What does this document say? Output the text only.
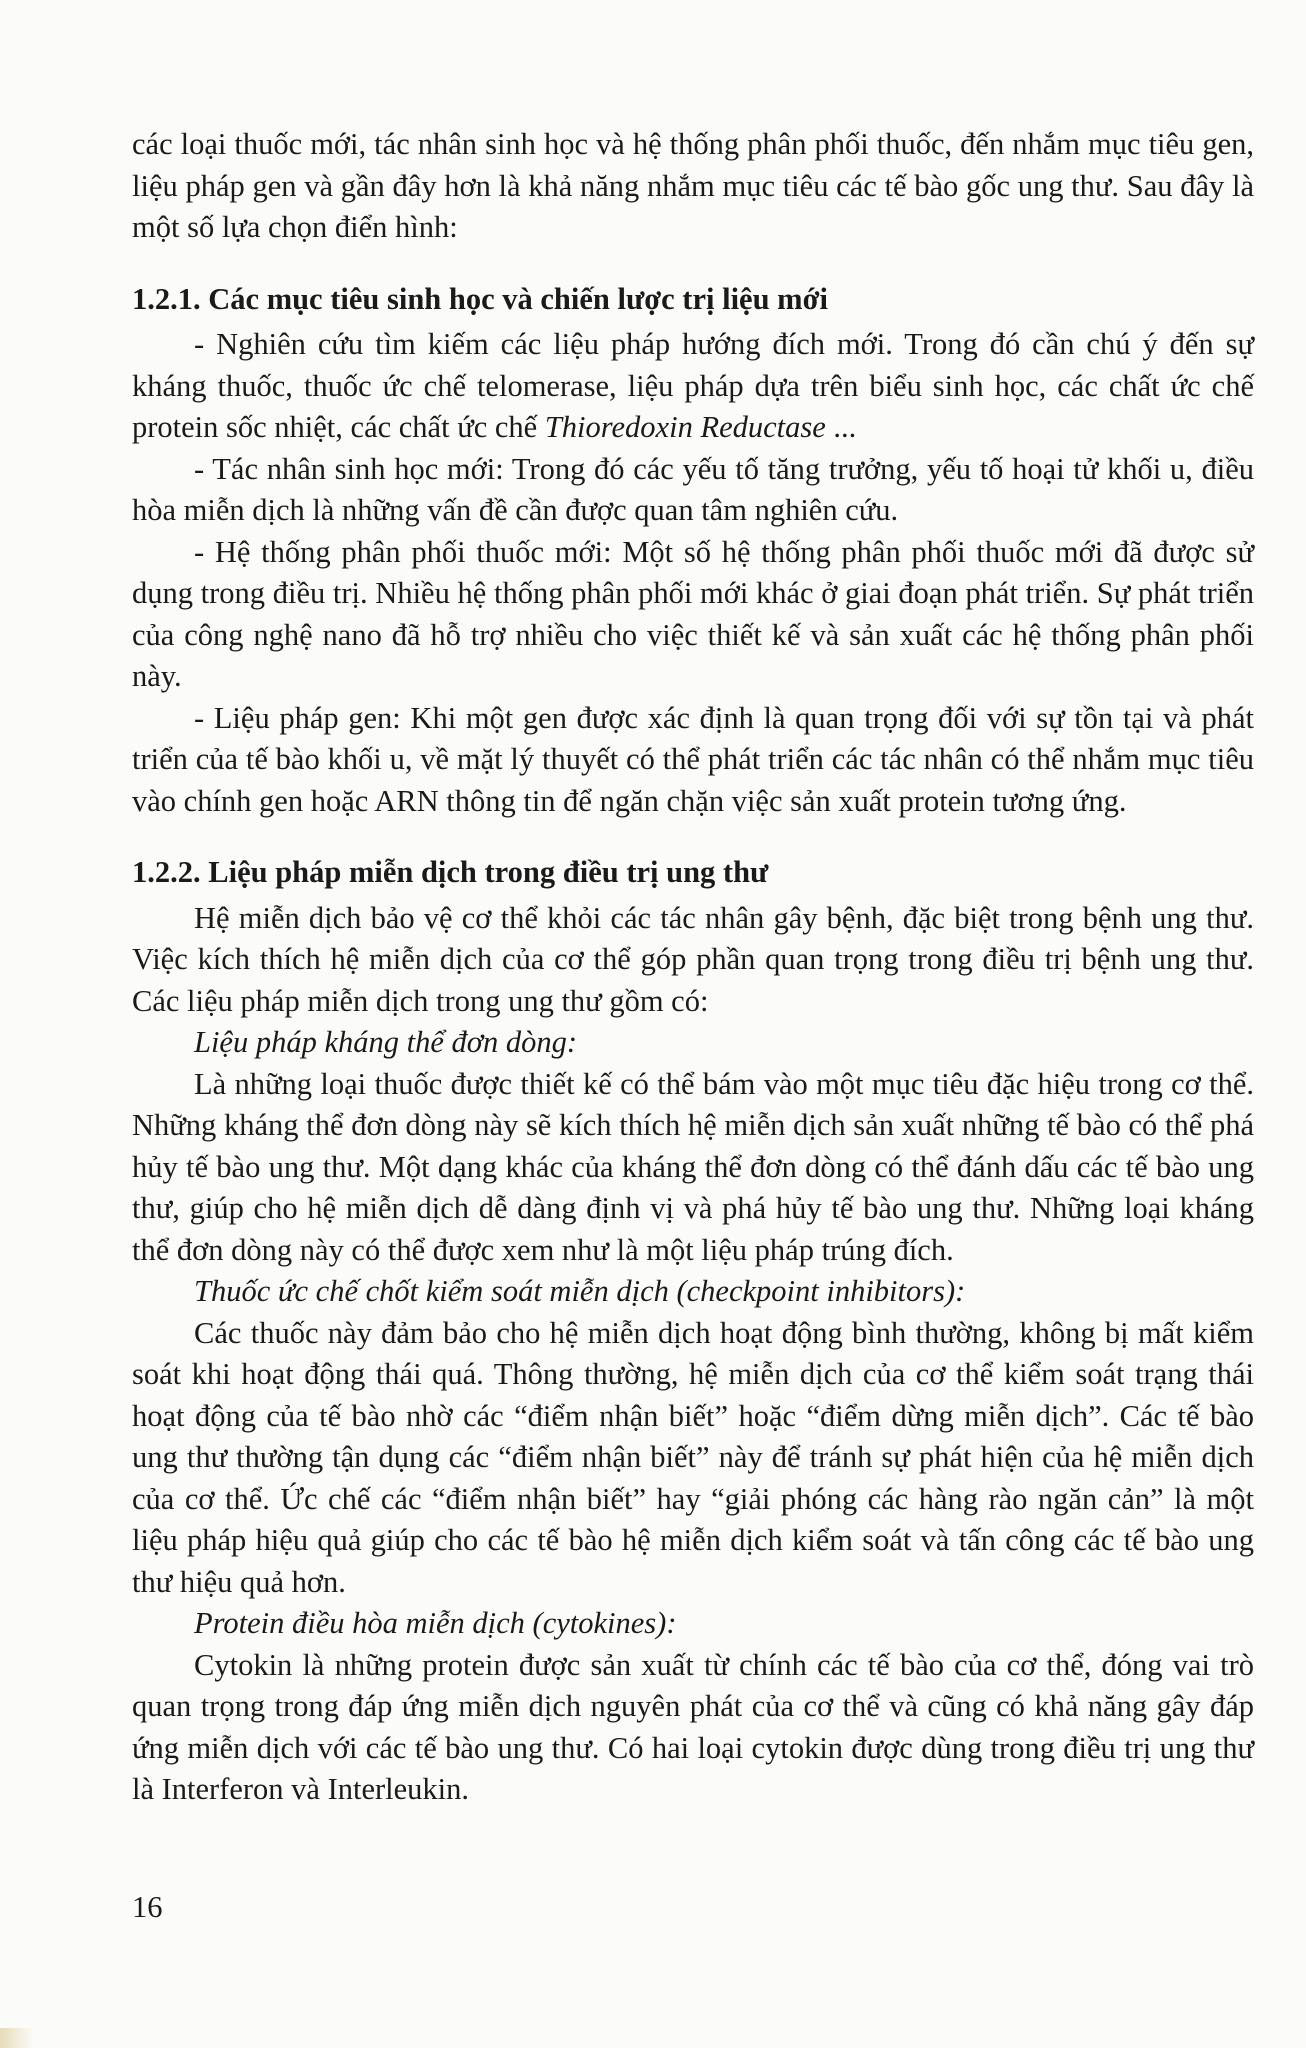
các loại thuốc mới, tác nhân sinh học và hệ thống phân phối thuốc, đến nhắm mục tiêu gen, liệu pháp gen và gần đây hơn là khả năng nhắm mục tiêu các tế bào gốc ung thư. Sau đây là một số lựa chọn điển hình:

1.2.1. Các mục tiêu sinh học và chiến lược trị liệu mới

- Nghiên cứu tìm kiếm các liệu pháp hướng đích mới. Trong đó cần chú ý đến sự kháng thuốc, thuốc ức chế telomerase, liệu pháp dựa trên biểu sinh học, các chất ức chế protein sốc nhiệt, các chất ức chế Thioredoxin Reductase ...

- Tác nhân sinh học mới: Trong đó các yếu tố tăng trưởng, yếu tố hoại tử khối u, điều hòa miễn dịch là những vấn đề cần được quan tâm nghiên cứu.

- Hệ thống phân phối thuốc mới: Một số hệ thống phân phối thuốc mới đã được sử dụng trong điều trị. Nhiều hệ thống phân phối mới khác ở giai đoạn phát triển. Sự phát triển của công nghệ nano đã hỗ trợ nhiều cho việc thiết kế và sản xuất các hệ thống phân phối này.

- Liệu pháp gen: Khi một gen được xác định là quan trọng đối với sự tồn tại và phát triển của tế bào khối u, về mặt lý thuyết có thể phát triển các tác nhân có thể nhắm mục tiêu vào chính gen hoặc ARN thông tin để ngăn chặn việc sản xuất protein tương ứng.

1.2.2. Liệu pháp miễn dịch trong điều trị ung thư

Hệ miễn dịch bảo vệ cơ thể khỏi các tác nhân gây bệnh, đặc biệt trong bệnh ung thư. Việc kích thích hệ miễn dịch của cơ thể góp phần quan trọng trong điều trị bệnh ung thư. Các liệu pháp miễn dịch trong ung thư gồm có:

Liệu pháp kháng thể đơn dòng:

Là những loại thuốc được thiết kế có thể bám vào một mục tiêu đặc hiệu trong cơ thể. Những kháng thể đơn dòng này sẽ kích thích hệ miễn dịch sản xuất những tế bào có thể phá hủy tế bào ung thư. Một dạng khác của kháng thể đơn dòng có thể đánh dấu các tế bào ung thư, giúp cho hệ miễn dịch dễ dàng định vị và phá hủy tế bào ung thư. Những loại kháng thể đơn dòng này có thể được xem như là một liệu pháp trúng đích.

Thuốc ức chế chốt kiểm soát miễn dịch (checkpoint inhibitors):

Các thuốc này đảm bảo cho hệ miễn dịch hoạt động bình thường, không bị mất kiểm soát khi hoạt động thái quá. Thông thường, hệ miễn dịch của cơ thể kiểm soát trạng thái hoạt động của tế bào nhờ các “điểm nhận biết” hoặc “điểm dừng miễn dịch”. Các tế bào ung thư thường tận dụng các “điểm nhận biết” này để tránh sự phát hiện của hệ miễn dịch của cơ thể. Ức chế các “điểm nhận biết” hay “giải phóng các hàng rào ngăn cản” là một liệu pháp hiệu quả giúp cho các tế bào hệ miễn dịch kiểm soát và tấn công các tế bào ung thư hiệu quả hơn.

Protein điều hòa miễn dịch (cytokines):

Cytokin là những protein được sản xuất từ chính các tế bào của cơ thể, đóng vai trò quan trọng trong đáp ứng miễn dịch nguyên phát của cơ thể và cũng có khả năng gây đáp ứng miễn dịch với các tế bào ung thư. Có hai loại cytokin được dùng trong điều trị ung thư là Interferon và Interleukin.

16
